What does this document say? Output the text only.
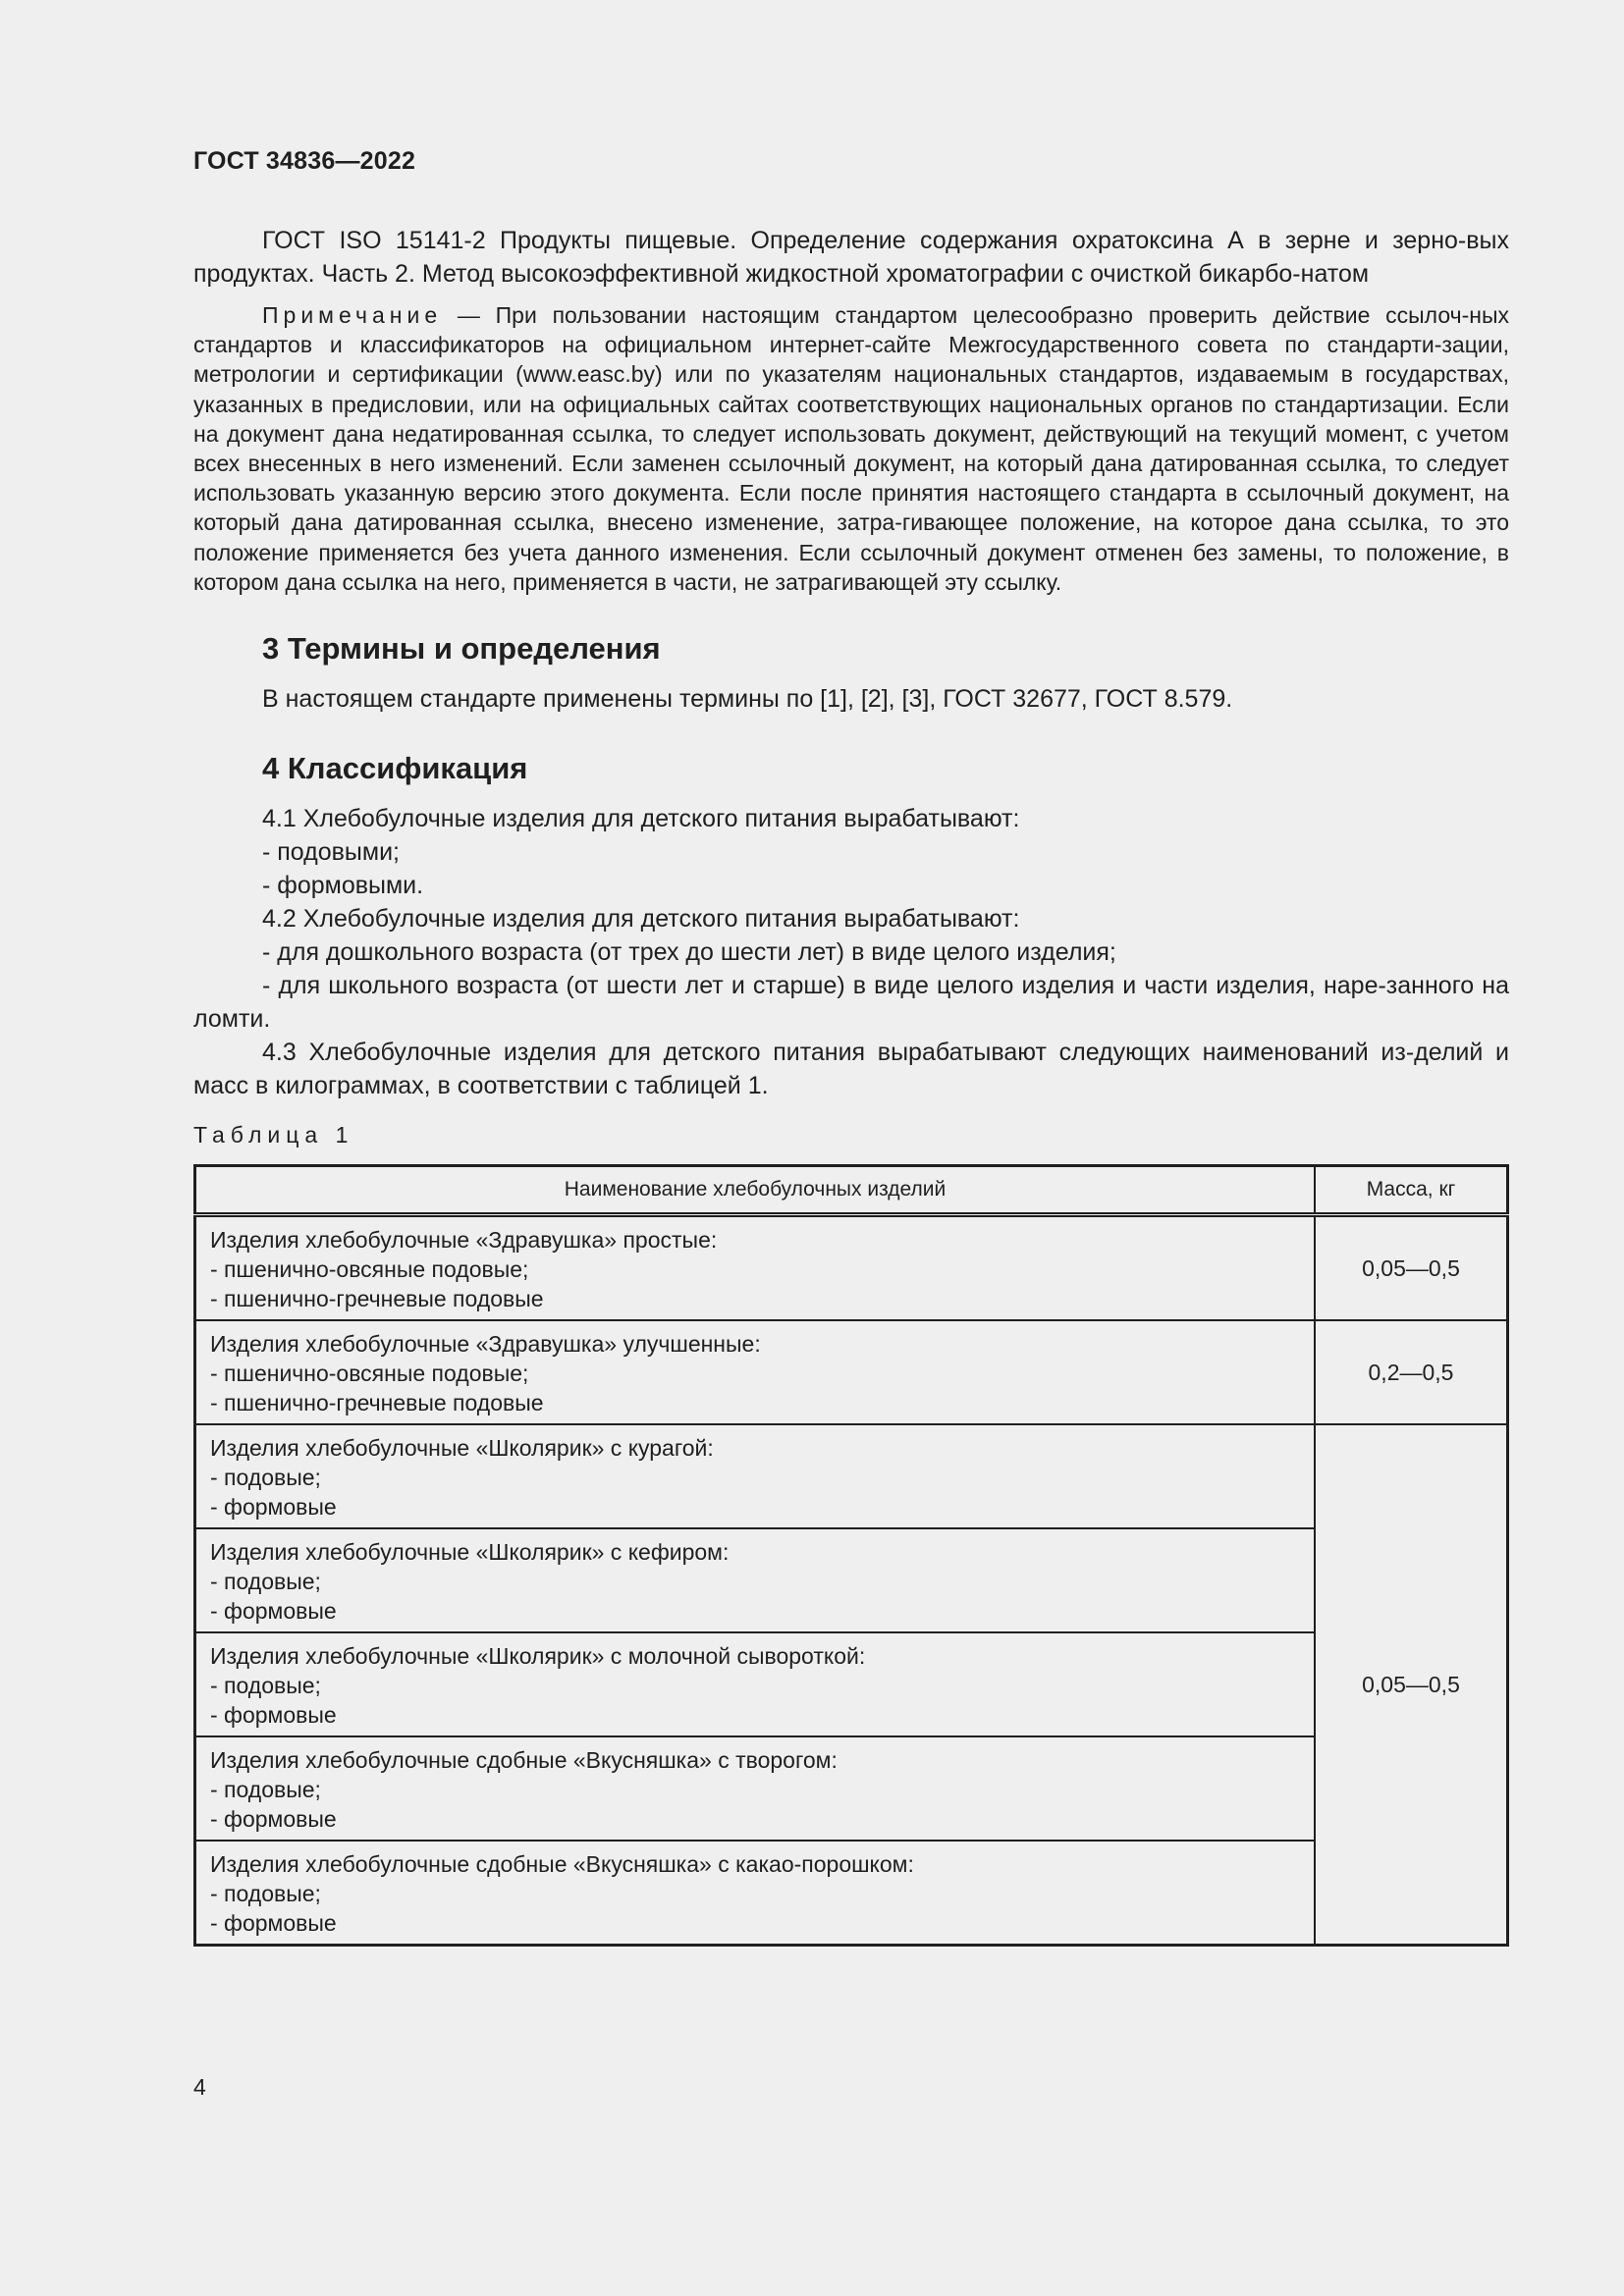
ГОСТ 34836—2022

ГОСТ ISO 15141-2 Продукты пищевые. Определение содержания охратоксина А в зерне и зерно-вых продуктах. Часть 2. Метод высокоэффективной жидкостной хроматографии с очисткой бикарбо-натом

Примечание — При пользовании настоящим стандартом целесообразно проверить действие ссылоч-ных стандартов и классификаторов на официальном интернет-сайте Межгосударственного совета по стандарти-зации, метрологии и сертификации (www.easc.by) или по указателям национальных стандартов, издаваемым в государствах, указанных в предисловии, или на официальных сайтах соответствующих национальных органов по стандартизации. Если на документ дана недатированная ссылка, то следует использовать документ, действующий на текущий момент, с учетом всех внесенных в него изменений. Если заменен ссылочный документ, на который дана датированная ссылка, то следует использовать указанную версию этого документа. Если после принятия настоящего стандарта в ссылочный документ, на который дана датированная ссылка, внесено изменение, затра-гивающее положение, на которое дана ссылка, то это положение применяется без учета данного изменения. Если ссылочный документ отменен без замены, то положение, в котором дана ссылка на него, применяется в части, не затрагивающей эту ссылку.

3 Термины и определения

В настоящем стандарте применены термины по [1], [2], [3], ГОСТ 32677, ГОСТ 8.579.

4 Классификация

4.1 Хлебобулочные изделия для детского питания вырабатывают:

- подовыми;

- формовыми.

4.2 Хлебобулочные изделия для детского питания вырабатывают:

- для дошкольного возраста (от трех до шести лет) в виде целого изделия;

- для школьного возраста (от шести лет и старше) в виде целого изделия и части изделия, наре-занного на ломти.

4.3 Хлебобулочные изделия для детского питания вырабатывают следующих наименований из-делий и масс в килограммах, в соответствии с таблицей 1.

Таблица 1

Наименование хлебобулочных изделий	Масса, кг

Изделия хлебобулочные «Здравушка» простые:
- пшенично-овсяные подовые;
- пшенично-гречневые подовые	0,05—0,5

Изделия хлебобулочные «Здравушка» улучшенные:
- пшенично-овсяные подовые;
- пшенично-гречневые подовые	0,2—0,5

Изделия хлебобулочные «Школярик» с курагой:
- подовые;
- формовые	0,05—0,5

Изделия хлебобулочные «Школярик» с кефиром:
- подовые;
- формовые	

Изделия хлебобулочные «Школярик» с молочной сывороткой:
- подовые;
- формовые	

Изделия хлебобулочные сдобные «Вкусняшка» с творогом:
- подовые;
- формовые	

Изделия хлебобулочные сдобные «Вкусняшка» с какао-порошком:
- подовые;
- формовые	
4
